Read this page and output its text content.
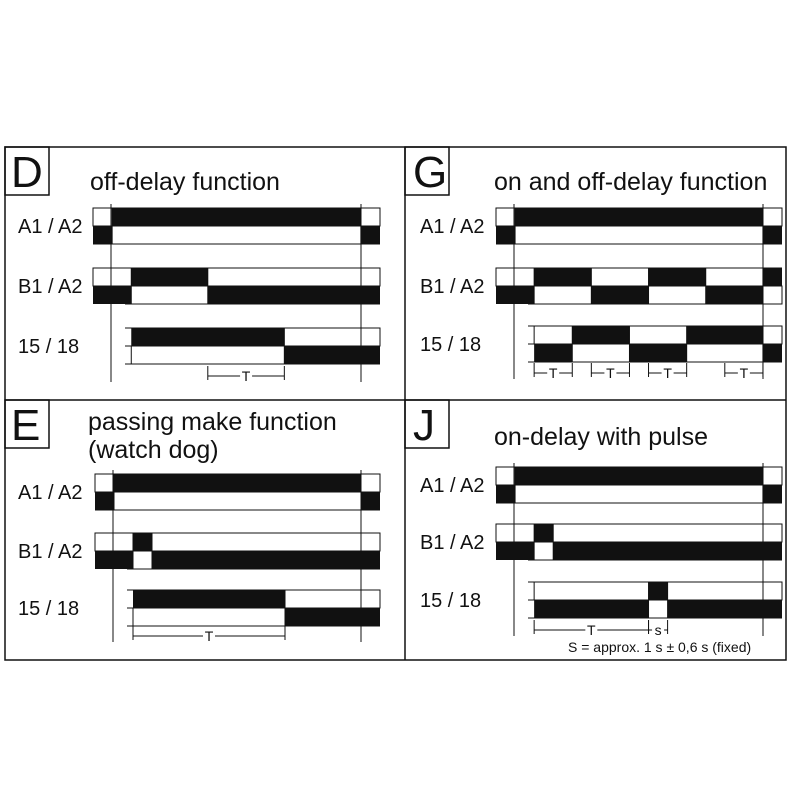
D off-delay function
A1 / A2
B1 / A2
15 / 18
T
G on and off-delay function
A1 / A2
B1 / A2
15 / 18
T	T	T	T
E passing make function
(watch dog)
A1 / A2
B1 / A2
15 / 18
T
J on-delay with pulse
A1 / A2
B1 / A2
15 / 18
T	s
S = approx. 1 s ± 0,6 s (fixed)
